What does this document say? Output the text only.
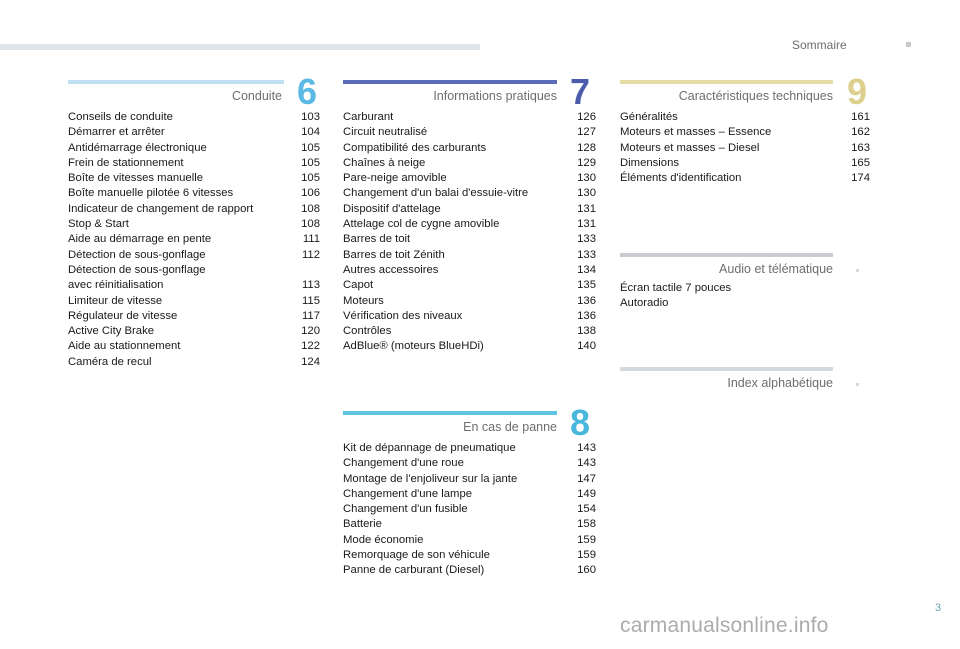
Sommaire
Conduite 6
Conseils de conduite	103
Démarrer et arrêter	104
Antidémarrage électronique	105
Frein de stationnement	105
Boîte de vitesses manuelle	105
Boîte manuelle pilotée 6 vitesses	106
Indicateur de changement de rapport	108
Stop & Start	108
Aide au démarrage en pente	111
Détection de sous-gonflage	112
Détection de sous-gonflage
avec réinitialisation	113
Limiteur de vitesse	115
Régulateur de vitesse	117
Active City Brake	120
Aide au stationnement	122
Caméra de recul	124
Informations pratiques 7
Carburant	126
Circuit neutralisé	127
Compatibilité des carburants	128
Chaînes à neige	129
Pare-neige amovible	130
Changement d'un balai d'essuie-vitre	130
Dispositif d'attelage	131
Attelage col de cygne amovible	131
Barres de toit	133
Barres de toit Zénith	133
Autres accessoires	134
Capot	135
Moteurs	136
Vérification des niveaux	136
Contrôles	138
AdBlue® (moteurs BlueHDi)	140
En cas de panne 8
Kit de dépannage de pneumatique	143
Changement d'une roue	143
Montage de l'enjoliveur sur la jante	147
Changement d'une lampe	149
Changement d'un fusible	154
Batterie	158
Mode économie	159
Remorquage de son véhicule	159
Panne de carburant (Diesel)	160
Caractéristiques techniques 9
Généralités	161
Moteurs et masses – Essence	162
Moteurs et masses – Diesel	163
Dimensions	165
Éléments d'identification	174
Audio et télématique
Écran tactile 7 pouces
Autoradio
Index alphabétique
3
carmanualsonline.info
